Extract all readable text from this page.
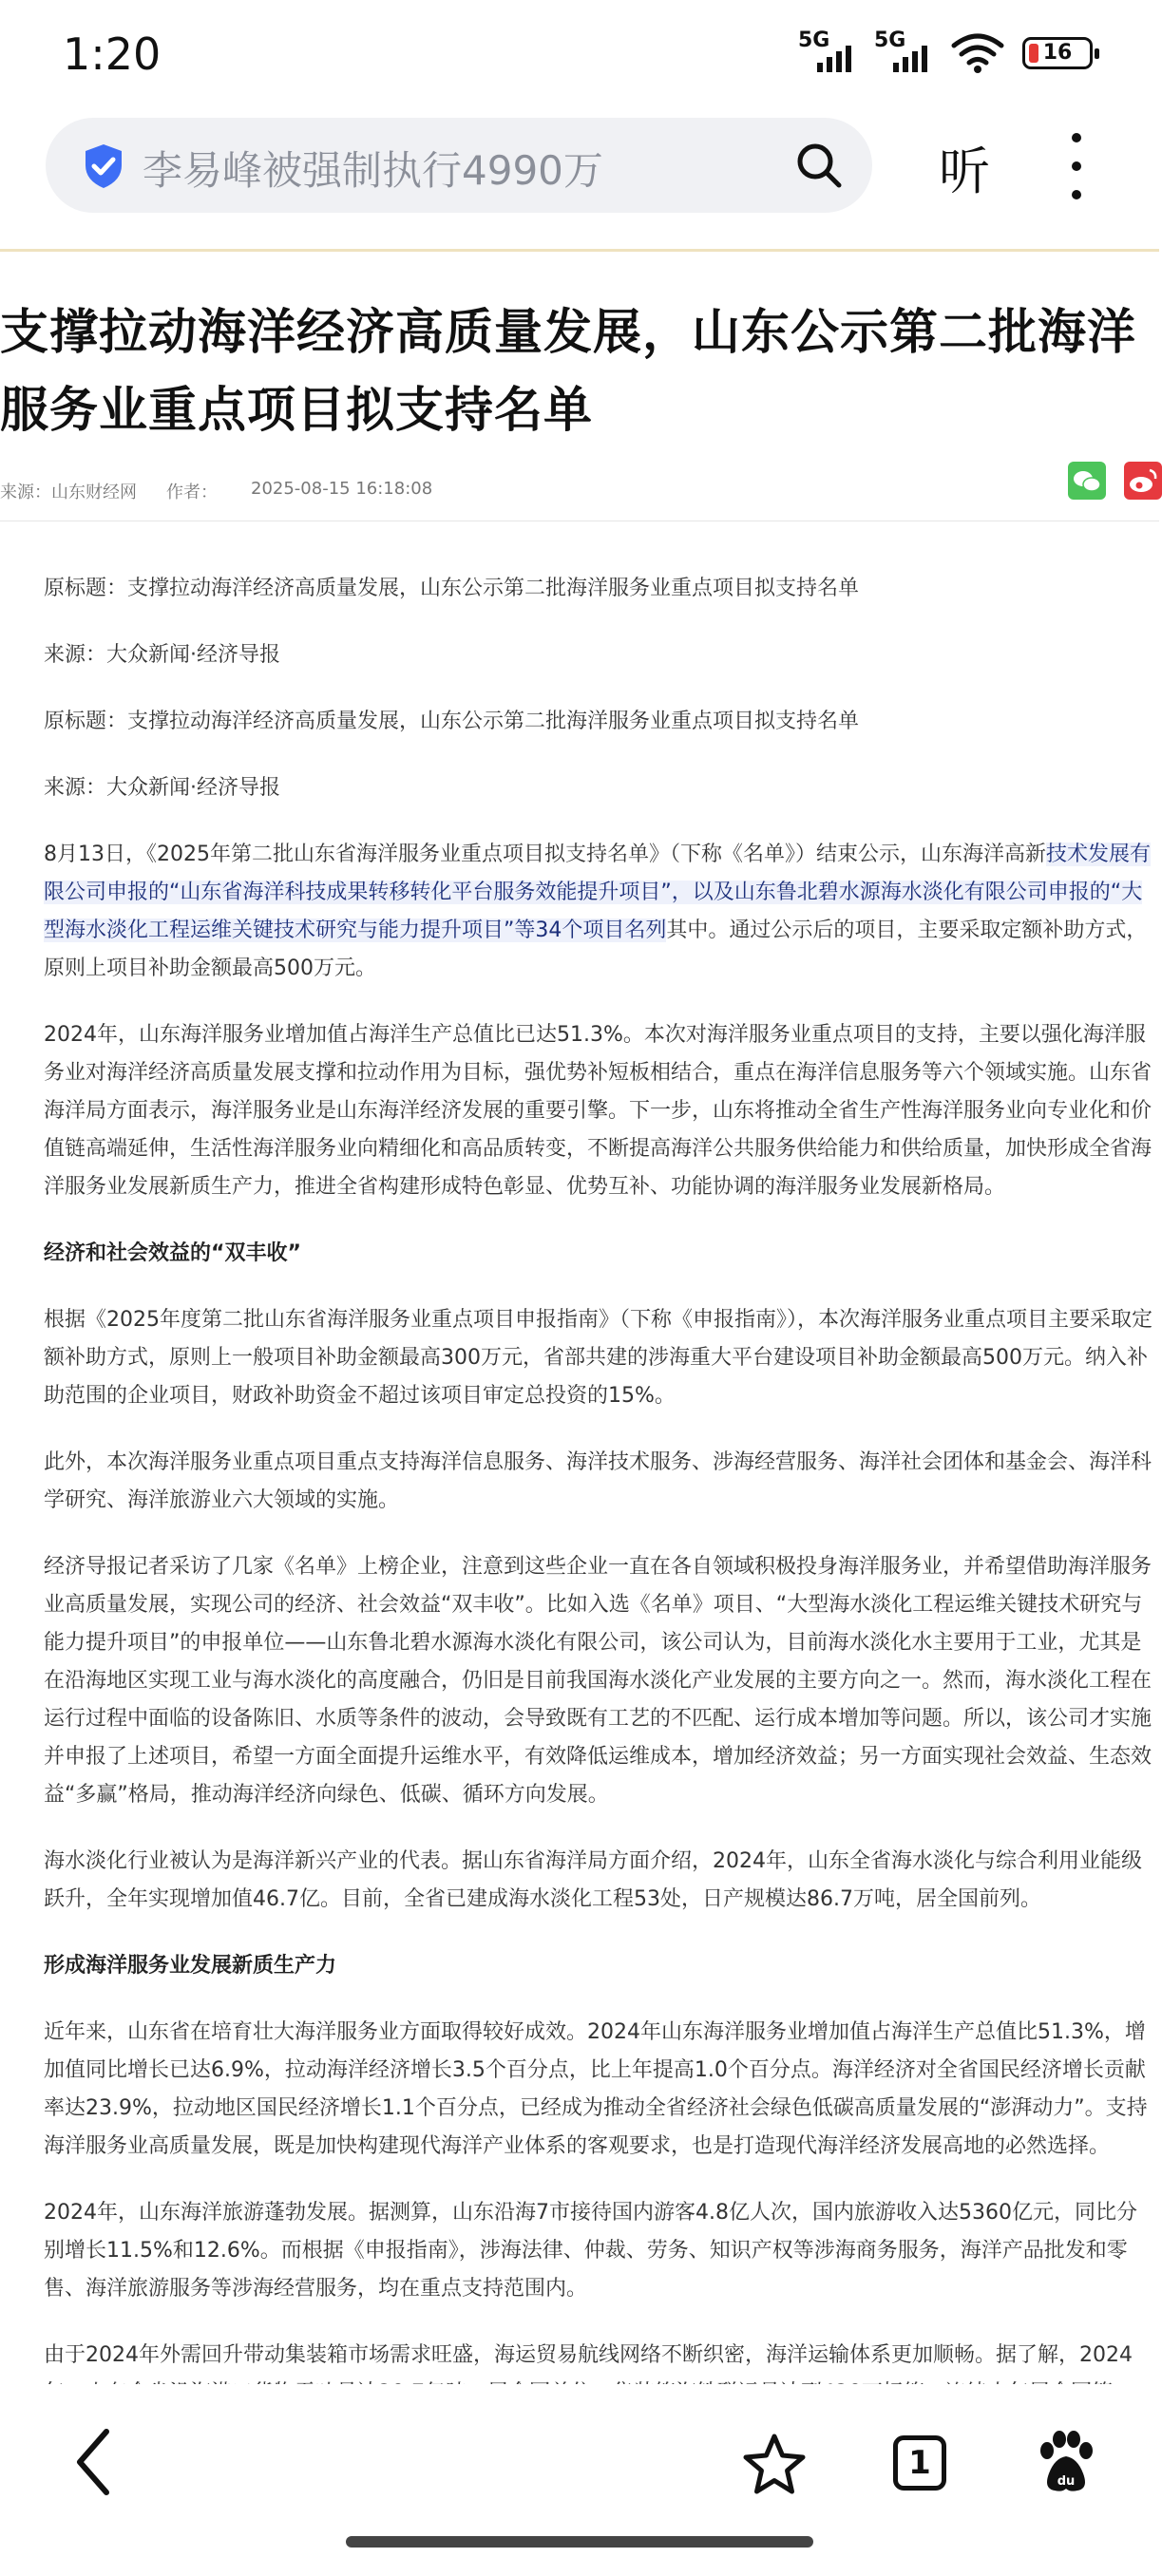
1:20	5G 5G
16
李易峰被强制执行4990万	听
支撑拉动海洋经济高质量发展，山东公示第二批海洋服务业重点项目拟支持名单
来源：山东财经网 作者： 2025-08-15 16:18:08

原标题：支撑拉动海洋经济高质量发展，山东公示第二批海洋服务业重点项目拟支持名单

来源：大众新闻·经济导报

原标题：支撑拉动海洋经济高质量发展，山东公示第二批海洋服务业重点项目拟支持名单

来源：大众新闻·经济导报

8月13日，《2025年第二批山东省海洋服务业重点项目拟支持名单》（下称《名单》）结束公示，山东海洋高新技术发展有限公司申报的“山东省海洋科技成果转移转化平台服务效能提升项目”，以及山东鲁北碧水源海水淡化有限公司申报的“大型海水淡化工程运维关键技术研究与能力提升项目”等34个项目名列其中。通过公示后的项目，主要采取定额补助方式，原则上项目补助金额最高500万元。

2024年，山东海洋服务业增加值占海洋生产总值比已达51.3%。本次对海洋服务业重点项目的支持，主要以强化海洋服务业对海洋经济高质量发展支撑和拉动作用为目标，强优势补短板相结合，重点在海洋信息服务等六个领域实施。山东省海洋局方面表示，海洋服务业是山东海洋经济发展的重要引擎。下一步，山东将推动全省生产性海洋服务业向专业化和价值链高端延伸，生活性海洋服务业向精细化和高品质转变，不断提高海洋公共服务供给能力和供给质量，加快形成全省海洋服务业发展新质生产力，推进全省构建形成特色彰显、优势互补、功能协调的海洋服务业发展新格局。

经济和社会效益的“双丰收”

根据《2025年度第二批山东省海洋服务业重点项目申报指南》（下称《申报指南》），本次海洋服务业重点项目主要采取定额补助方式，原则上一般项目补助金额最高300万元，省部共建的涉海重大平台建设项目补助金额最高500万元。纳入补助范围的企业项目，财政补助资金不超过该项目审定总投资的15%。

此外，本次海洋服务业重点项目重点支持海洋信息服务、海洋技术服务、涉海经营服务、海洋社会团体和基金会、海洋科学研究、海洋旅游业六大领域的实施。

经济导报记者采访了几家《名单》上榜企业，注意到这些企业一直在各自领域积极投身海洋服务业，并希望借助海洋服务业高质量发展，实现公司的经济、社会效益“双丰收”。比如入选《名单》项目、“大型海水淡化工程运维关键技术研究与能力提升项目”的申报单位——山东鲁北碧水源海水淡化有限公司，该公司认为，目前海水淡化水主要用于工业，尤其是在沿海地区实现工业与海水淡化的高度融合，仍旧是目前我国海水淡化产业发展的主要方向之一。然而，海水淡化工程在运行过程中面临的设备陈旧、水质等条件的波动，会导致既有工艺的不匹配、运行成本增加等问题。所以，该公司才实施并申报了上述项目，希望一方面全面提升运维水平，有效降低运维成本，增加经济效益；另一方面实现社会效益、生态效益“多赢”格局，推动海洋经济向绿色、低碳、循环方向发展。

海水淡化行业被认为是海洋新兴产业的代表。据山东省海洋局方面介绍，2024年，山东全省海水淡化与综合利用业能级跃升，全年实现增加值46.7亿。目前，全省已建成海水淡化工程53处，日产规模达86.7万吨，居全国前列。

形成海洋服务业发展新质生产力

近年来，山东省在培育壮大海洋服务业方面取得较好成效。2024年山东海洋服务业增加值占海洋生产总值比51.3%，增加值同比增长已达6.9%，拉动海洋经济增长3.5个百分点，比上年提高1.0个百分点。海洋经济对全省国民经济增长贡献率达23.9%，拉动地区国民经济增长1.1个百分点，已经成为推动全省经济社会绿色低碳高质量发展的“澎湃动力”。支持海洋服务业高质量发展，既是加快构建现代海洋产业体系的客观要求，也是打造现代海洋经济发展高地的必然选择。

2024年，山东海洋旅游蓬勃发展。据测算，山东沿海7市接待国内游客4.8亿人次，国内旅游收入达5360亿元，同比分别增长11.5%和12.6%。而根据《申报指南》，涉海法律、仲裁、劳务、知识产权等涉海商务服务，海洋产品批发和零售、海洋旅游服务等涉海经营服务，均在重点支持范围内。

由于2024年外需回升带动集装箱市场需求旺盛，海运贸易航线网络不断织密，海洋运输体系更加顺畅。据了解，2024

1	du
